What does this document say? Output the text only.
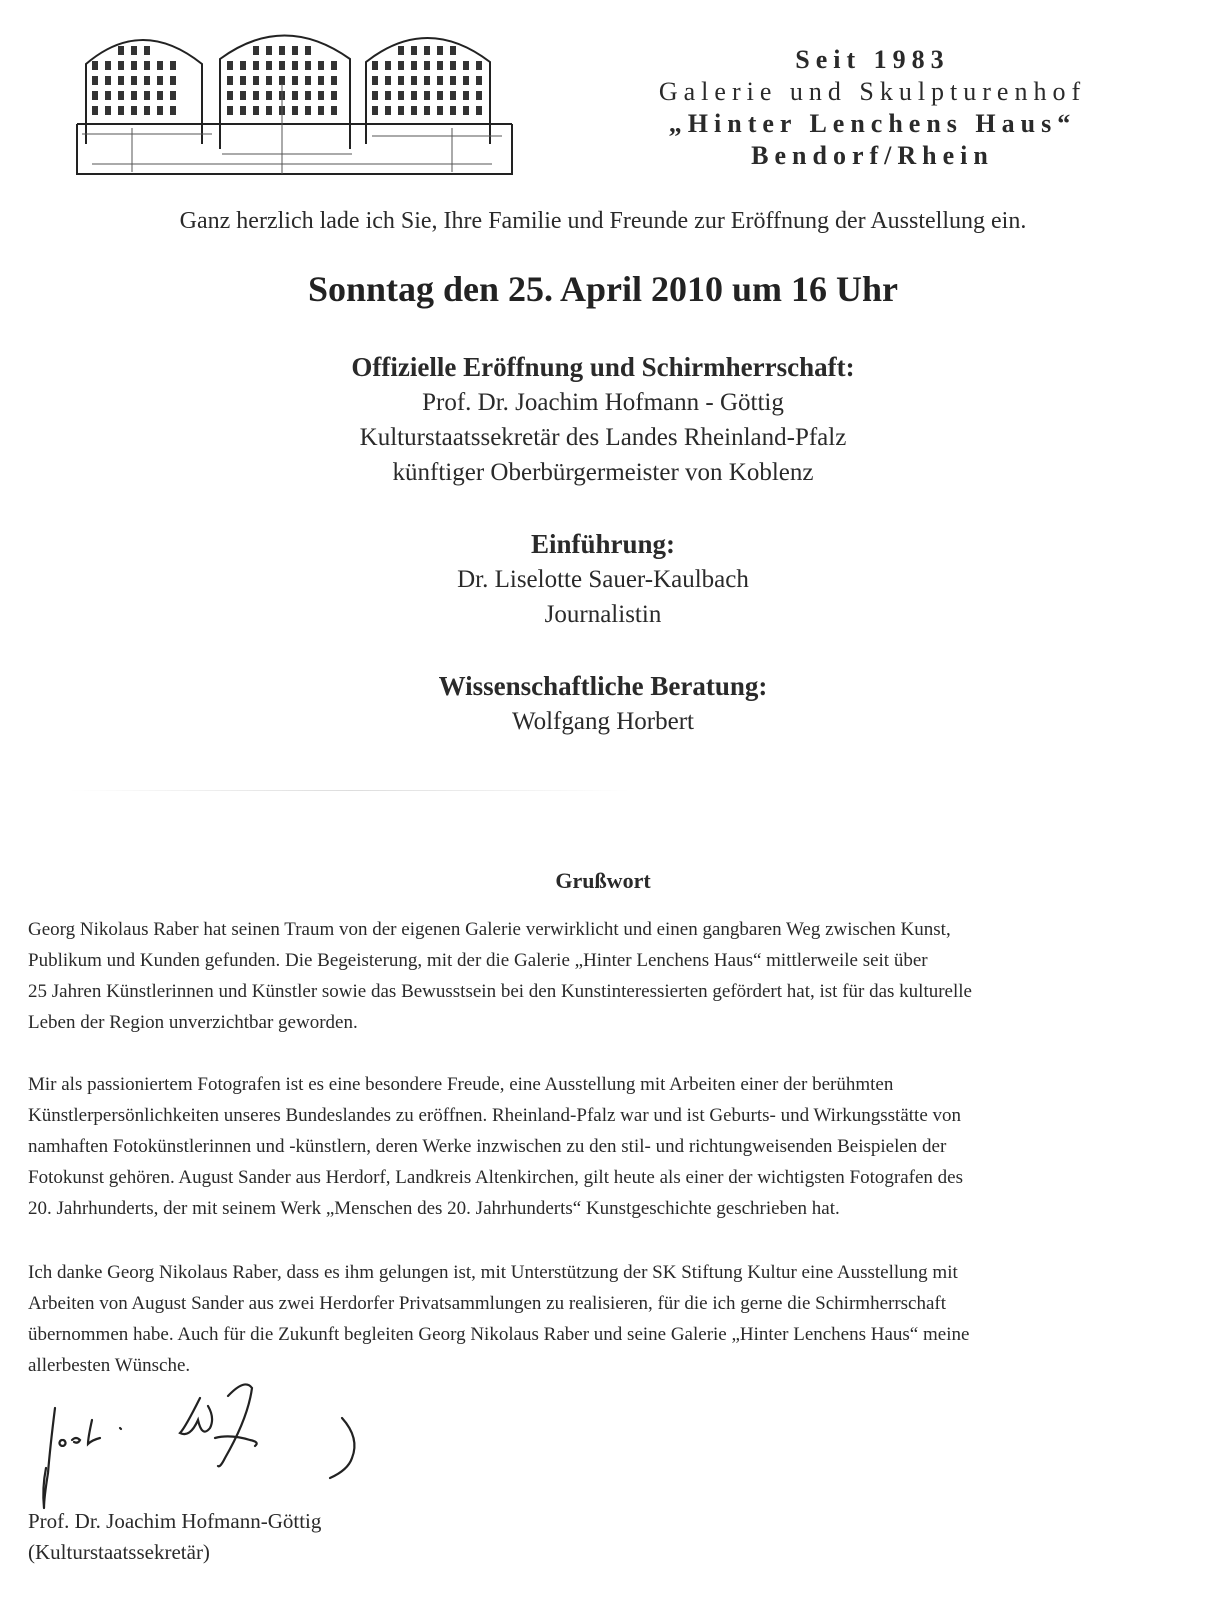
Seit 1983
Galerie und Skulpturenhof
„Hinter Lenchens Haus“
Bendorf/Rhein
Ganz herzlich lade ich Sie, Ihre Familie und Freunde zur Eröffnung der Ausstellung ein.
Sonntag den 25. April 2010 um 16 Uhr
Offizielle Eröffnung und Schirmherrschaft:
Prof. Dr. Joachim Hofmann - Göttig
Kulturstaatssekretär des Landes Rheinland-Pfalz
künftiger Oberbürgermeister von Koblenz
Einführung:
Dr. Liselotte Sauer-Kaulbach
Journalistin
Wissenschaftliche Beratung:
Wolfgang Horbert
Grußwort
Georg Nikolaus Raber hat seinen Traum von der eigenen Galerie verwirklicht und einen gangbaren Weg zwischen Kunst,
Publikum und Kunden gefunden. Die Begeisterung, mit der die Galerie „Hinter Lenchens Haus“ mittlerweile seit über
25 Jahren Künstlerinnen und Künstler sowie das Bewusstsein bei den Kunstinteressierten gefördert hat, ist für das kulturelle
Leben der Region unverzichtbar geworden.
Mir als passioniertem Fotografen ist es eine besondere Freude, eine Ausstellung mit Arbeiten einer der berühmten
Künstlerpersönlichkeiten unseres Bundeslandes zu eröffnen. Rheinland-Pfalz war und ist Geburts- und Wirkungsstätte von
namhaften Fotokünstlerinnen und -künstlern, deren Werke inzwischen zu den stil- und richtungweisenden Beispielen der
Fotokunst gehören. August Sander aus Herdorf, Landkreis Altenkirchen, gilt heute als einer der wichtigsten Fotografen des
20. Jahrhunderts, der mit seinem Werk „Menschen des 20. Jahrhunderts“ Kunstgeschichte geschrieben hat.
Ich danke Georg Nikolaus Raber, dass es ihm gelungen ist, mit Unterstützung der SK Stiftung Kultur eine Ausstellung mit
Arbeiten von August Sander aus zwei Herdorfer Privatsammlungen zu realisieren, für die ich gerne die Schirmherrschaft
übernommen habe. Auch für die Zukunft begleiten Georg Nikolaus Raber und seine Galerie „Hinter Lenchens Haus“ meine
allerbesten Wünsche.
Prof. Dr. Joachim Hofmann-Göttig
(Kulturstaatssekretär)
